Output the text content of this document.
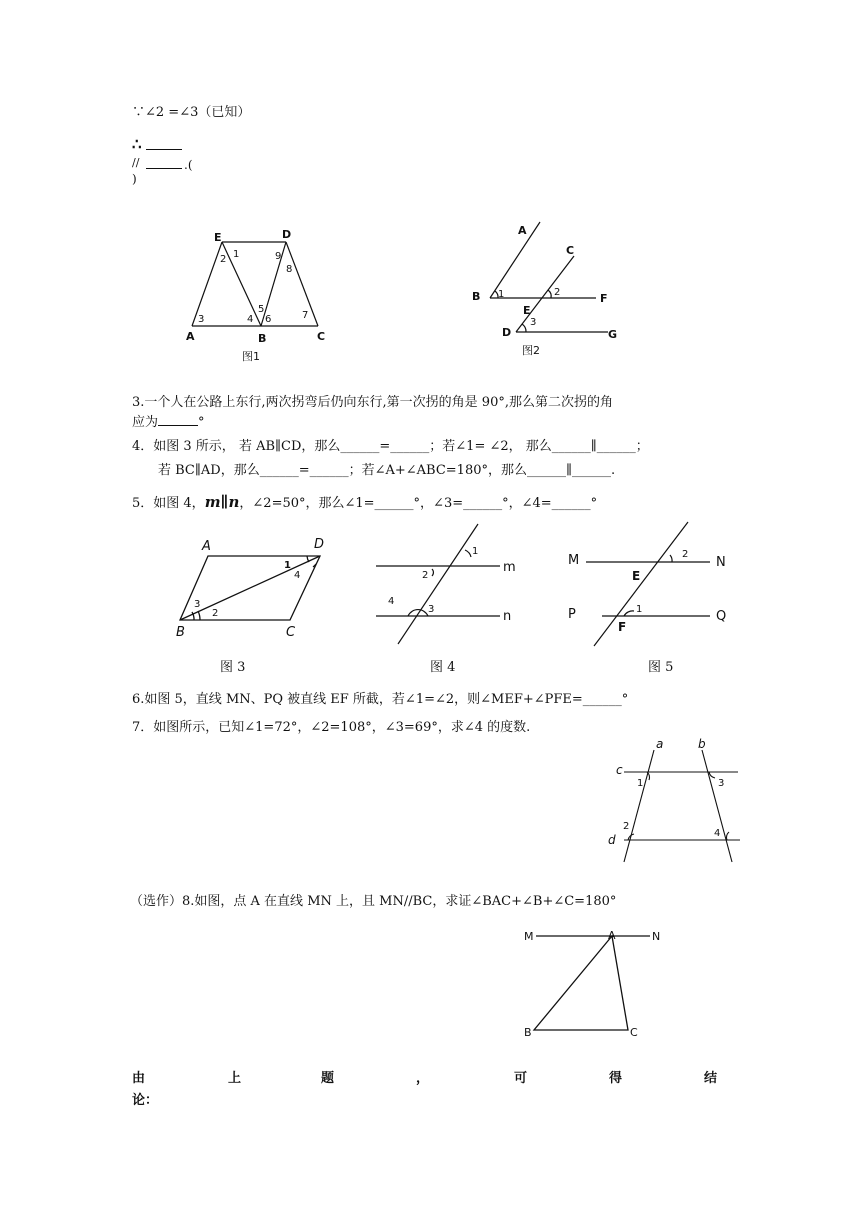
∵∠2 =∠3（已知）
∴
//	.(
)
E	D
A	B	C
1
2
3	4
5
6	7
8
9
图1
A
C
B	F
E
D	G
1	2
3
图2
3.一个人在公路上东行,两次拐弯后仍向东行,第一次拐的角是 90°,那么第二次拐的角
应为	°
4．如图 3 所示， 若 AB∥CD，那么______=______；若∠1= ∠2， 那么______∥______；
若 BC∥AD，那么______=______；若∠A+∠ABC=180°，那么______∥______.
5．如图 4，m∥n，∠2=50°，那么∠1=______°，∠3=______°，∠4=______°
A	D
B	C
1
2
3
4
1
2
3
4
m
n
M	N
E
P	Q
F
2
1
图 3	图 4	图 5
6.如图 5，直线 MN、PQ 被直线 EF 所截，若∠1=∠2，则∠MEF+∠PFE=______°
7．如图所示，已知∠1=72°，∠2=108°，∠3=69°，求∠4 的度数.
a	b
c
d
1
2
3
4
（选作）8.如图，点 A 在直线 MN 上，且 MN//BC，求证∠BAC+∠B+∠C=180°
M	A	N
B	C
由	上	题	，	可	得	结
论：
